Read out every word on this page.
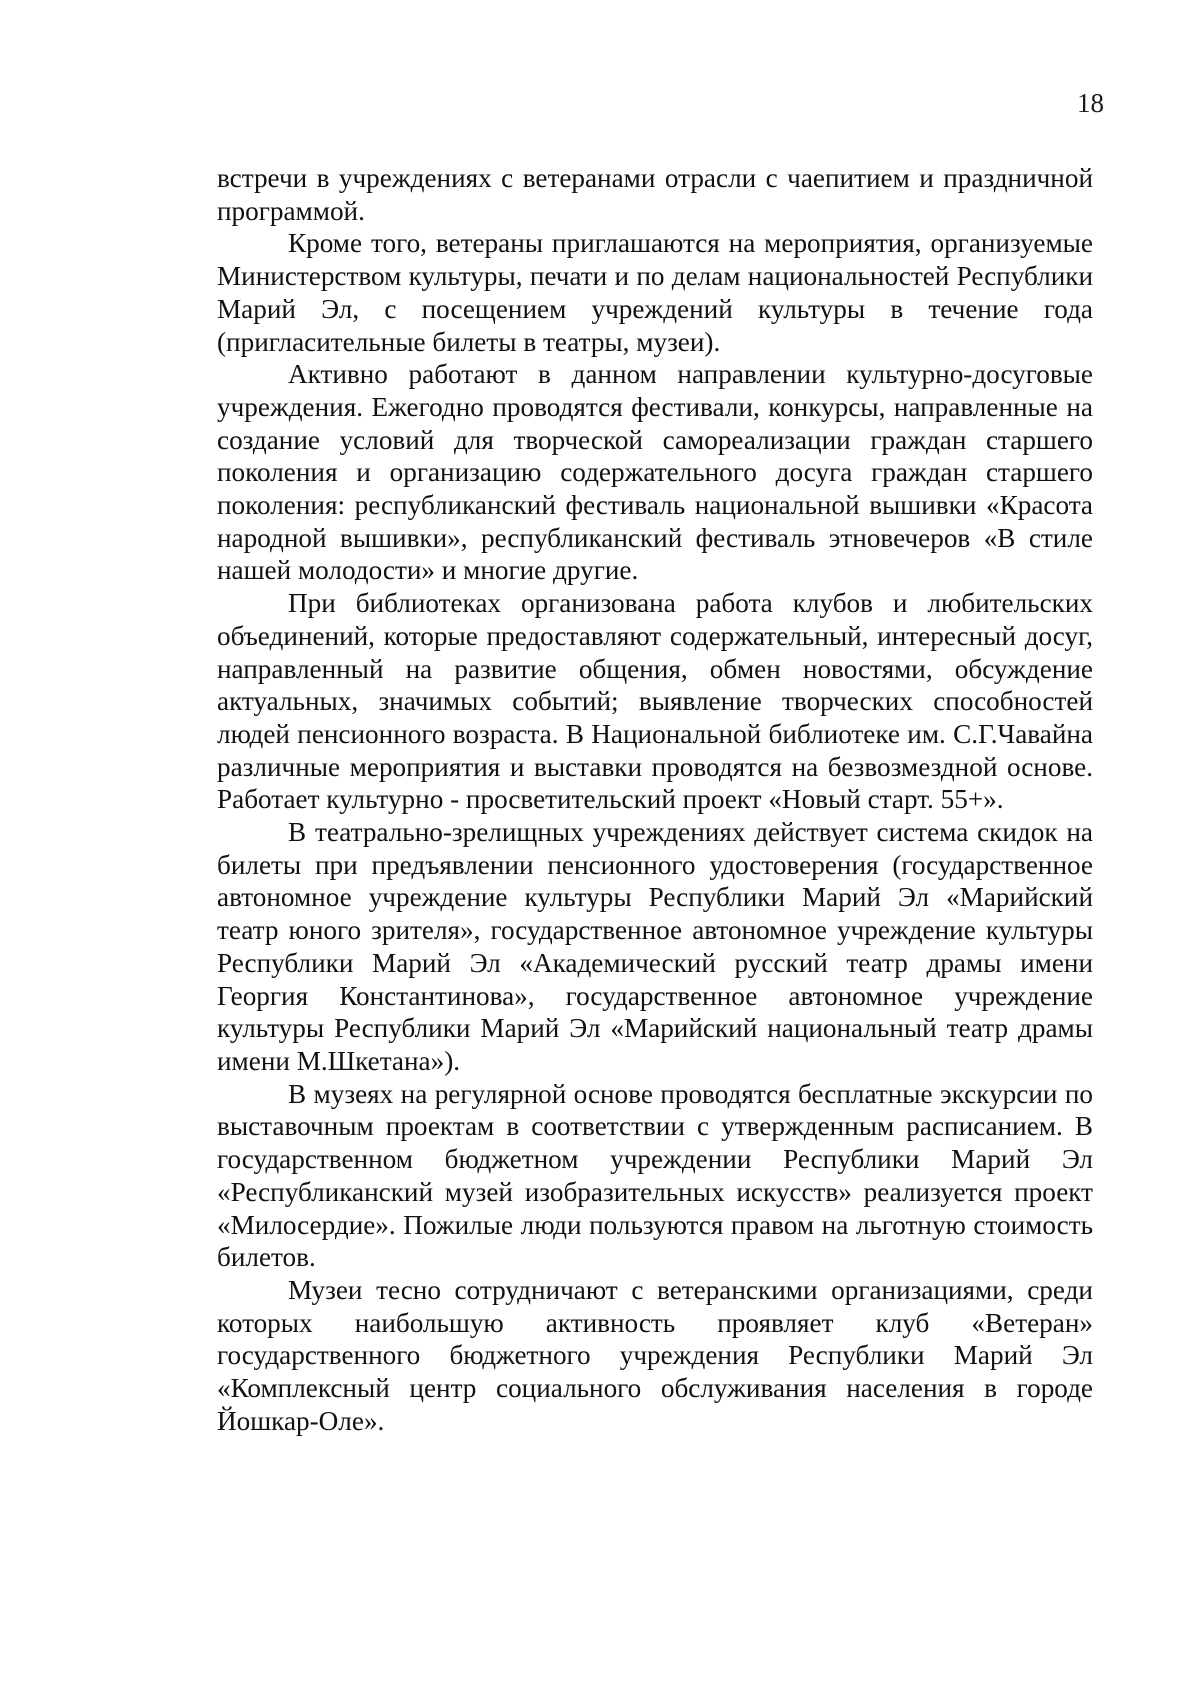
18

встречи в учреждениях с ветеранами отрасли с чаепитием и праздничной программой.

Кроме того, ветераны приглашаются на мероприятия, организуемые Министерством культуры, печати и по делам национальностей Республики Марий Эл, с посещением учреждений культуры в течение года (пригласительные билеты в театры, музеи).

Активно работают в данном направлении культурно-досуговые учреждения. Ежегодно проводятся фестивали, конкурсы, направленные на создание условий для творческой самореализации граждан старшего поколения и организацию содержательного досуга граждан старшего поколения: республиканский фестиваль национальной вышивки «Красота народной вышивки», республиканский фестиваль этновечеров «В стиле нашей молодости» и многие другие.

При библиотеках организована работа клубов и любительских объединений, которые предоставляют содержательный, интересный досуг, направленный на развитие общения, обмен новостями, обсуждение актуальных, значимых событий; выявление творческих способностей людей пенсионного возраста. В Национальной библиотеке им. С.Г.Чавайна различные мероприятия и выставки проводятся на безвозмездной основе. Работает культурно - просветительский проект «Новый старт. 55+».

В театрально-зрелищных учреждениях действует система скидок на билеты при предъявлении пенсионного удостоверения (государственное автономное учреждение культуры Республики Марий Эл «Марийский театр юного зрителя», государственное автономное учреждение культуры Республики Марий Эл «Академический русский театр драмы имени Георгия Константинова», государственное автономное учреждение культуры Республики Марий Эл «Марийский национальный театр драмы имени М.Шкетана»).

В музеях на регулярной основе проводятся бесплатные экскурсии по выставочным проектам в соответствии с утвержденным расписанием. В государственном бюджетном учреждении Республики Марий Эл «Республиканский музей изобразительных искусств» реализуется проект «Милосердие». Пожилые люди пользуются правом на льготную стоимость билетов.

Музеи тесно сотрудничают с ветеранскими организациями, среди которых наибольшую активность проявляет клуб «Ветеран» государственного бюджетного учреждения Республики Марий Эл «Комплексный центр социального обслуживания населения в городе Йошкар-Оле».
